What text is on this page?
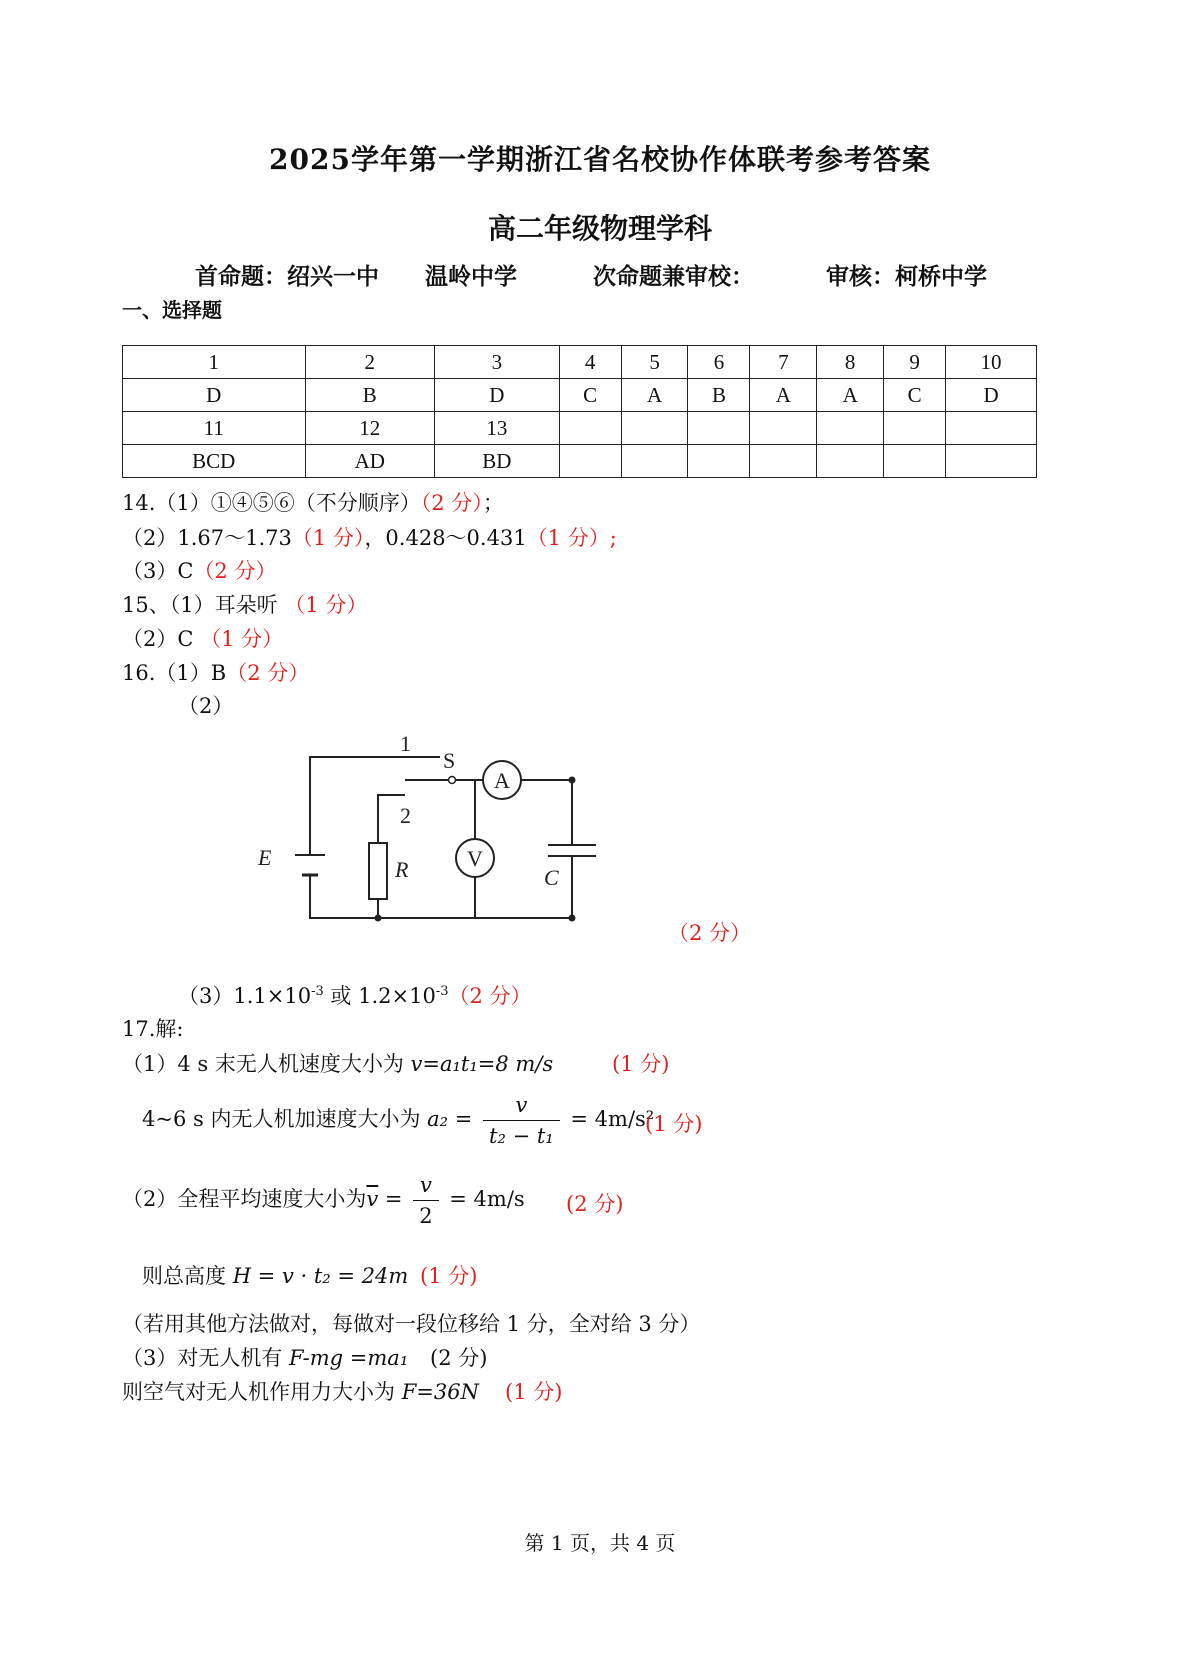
2025学年第一学期浙江省名校协作体联考参考答案
高二年级物理学科
首命题：绍兴一中 温岭中学	次命题兼审校：	审核：柯桥中学
一、选择题
1	2	3	4	5	6	7	8	9	10
D	B	D	C	A	B	A	A	C	D
11	12	13							
BCD	AD	BD							
14.（1）①④⑤⑥（不分顺序）（2 分）；
（2）1.67～1.73（1 分），0.428～0.431（1 分）;
（3）C（2 分）
15、（1）耳朵听 （1 分）
（2）C （1 分）
16.（1）B（2 分）
（2）
1
2
S
A
V
E	R	C
（2 分）
$(3)1.1\times 10^{-3}$ 或 $1.2\times 10^{-3}(2$ 分）
17.解:
（1）4 s 末无人机速度大小为 v=a₁t₁=8 m/s	(1 分)
4~6 s 内无人机加速度大小为 $a_2 = \frac{v}{\text{t₂ − t₁}} = 4m/s^2$
(1 分)
（2）全程平均速度大小为$\overline{v} = \frac{v}{2} = 4m/s$ (2 分)
则总高度 H = v · t₂ = 24m (1 分)
（若用其他方法做对，每做对一段位移给 1 分，全对给 3 分）
（3）对无人机有 F-mg =ma₁ (2 分)
则空气对无人机作用力大小为 F=36N (1 分)
第 1 页，共 4 页
